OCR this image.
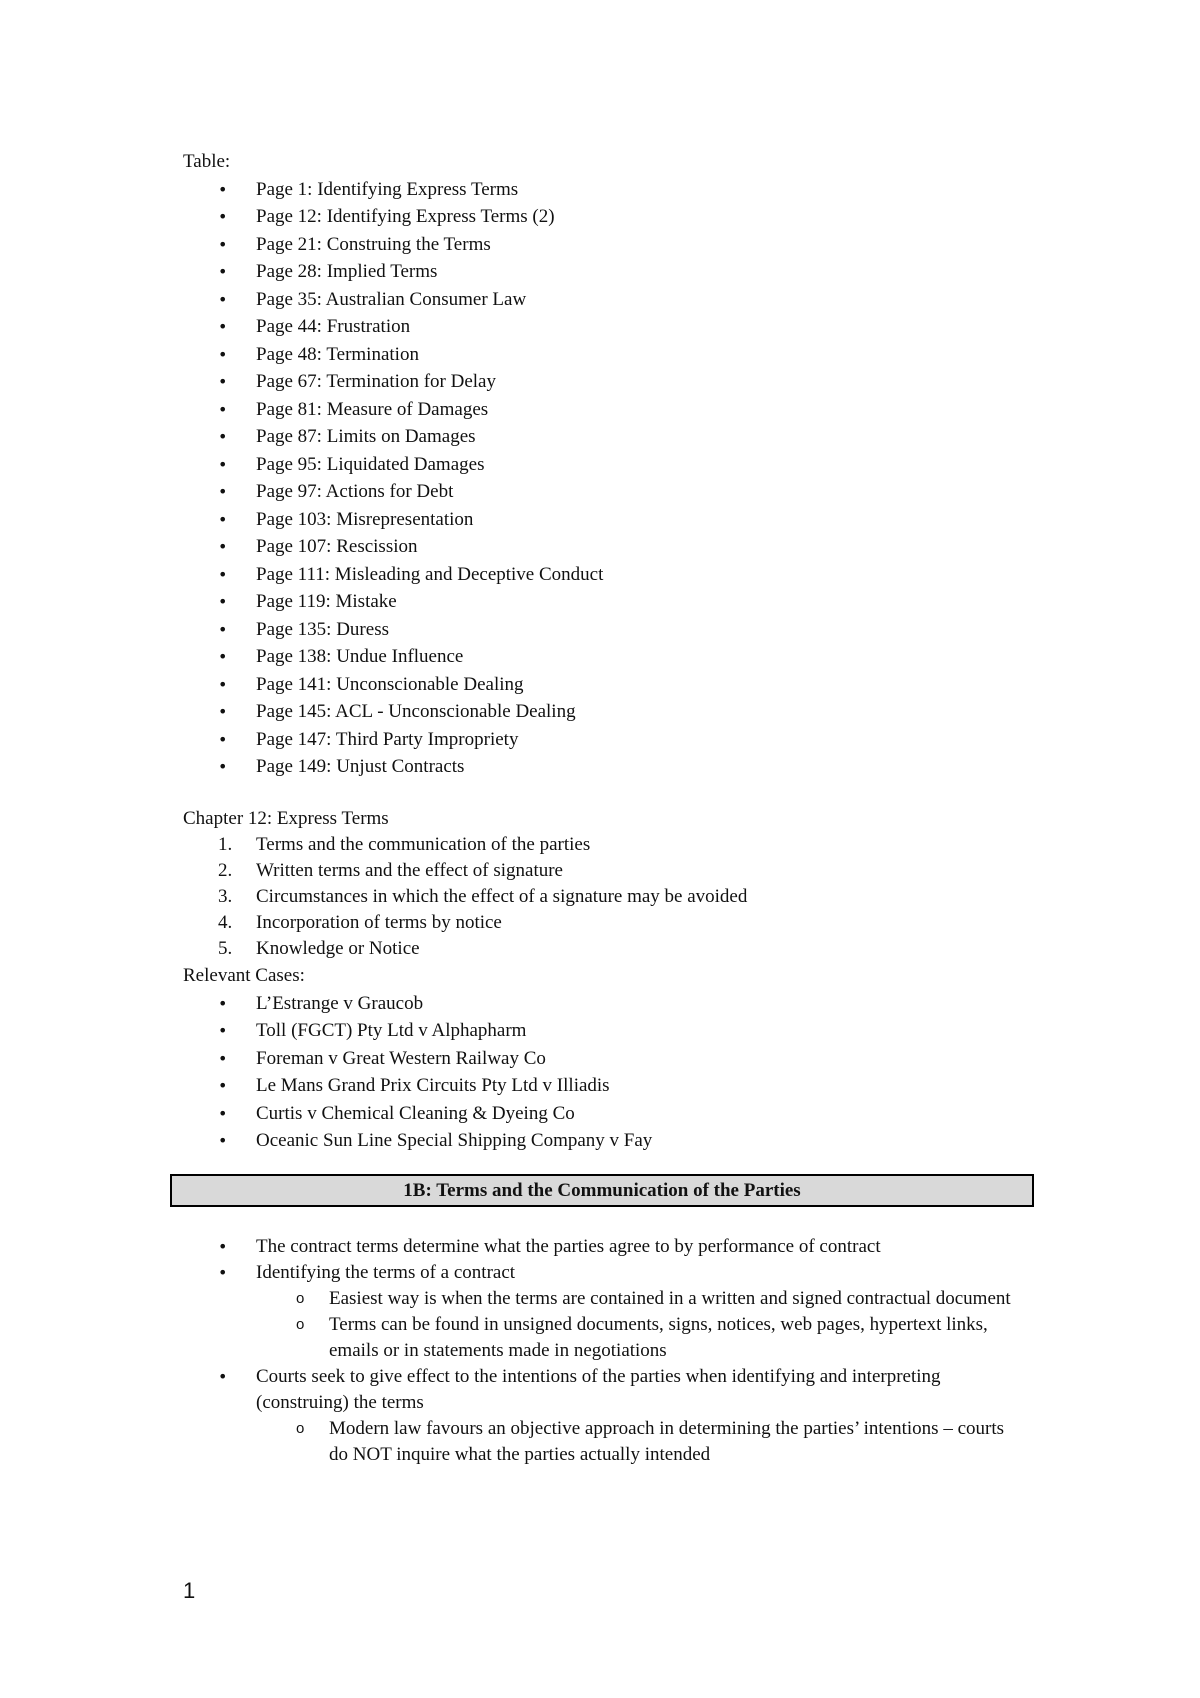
Table:

• Page 1: Identifying Express Terms
• Page 12: Identifying Express Terms (2)
• Page 21: Construing the Terms
• Page 28: Implied Terms
• Page 35: Australian Consumer Law
• Page 44: Frustration
• Page 48: Termination
• Page 67: Termination for Delay
• Page 81: Measure of Damages
• Page 87: Limits on Damages
• Page 95: Liquidated Damages
• Page 97: Actions for Debt
• Page 103: Misrepresentation
• Page 107: Rescission
• Page 111: Misleading and Deceptive Conduct
• Page 119: Mistake
• Page 135: Duress
• Page 138: Undue Influence
• Page 141: Unconscionable Dealing
• Page 145: ACL - Unconscionable Dealing
• Page 147: Third Party Impropriety
• Page 149: Unjust Contracts

Chapter 12: Express Terms

1. Terms and the communication of the parties
2. Written terms and the effect of signature
3. Circumstances in which the effect of a signature may be avoided
4. Incorporation of terms by notice
5. Knowledge or Notice

Relevant Cases:

• L’Estrange v Graucob
• Toll (FGCT) Pty Ltd v Alphapharm
• Foreman v Great Western Railway Co
• Le Mans Grand Prix Circuits Pty Ltd v Illiadis
• Curtis v Chemical Cleaning & Dyeing Co
• Oceanic Sun Line Special Shipping Company v Fay
1B: Terms and the Communication of the Parties
• The contract terms determine what the parties agree to by performance of contract
• Identifying the terms of a contract
o Easiest way is when the terms are contained in a written and signed contractual document
o Terms can be found in unsigned documents, signs, notices, web pages, hypertext links, emails or in statements made in negotiations
• Courts seek to give effect to the intentions of the parties when identifying and interpreting (construing) the terms
o Modern law favours an objective approach in determining the parties’ intentions – courts do NOT inquire what the parties actually intended
1
